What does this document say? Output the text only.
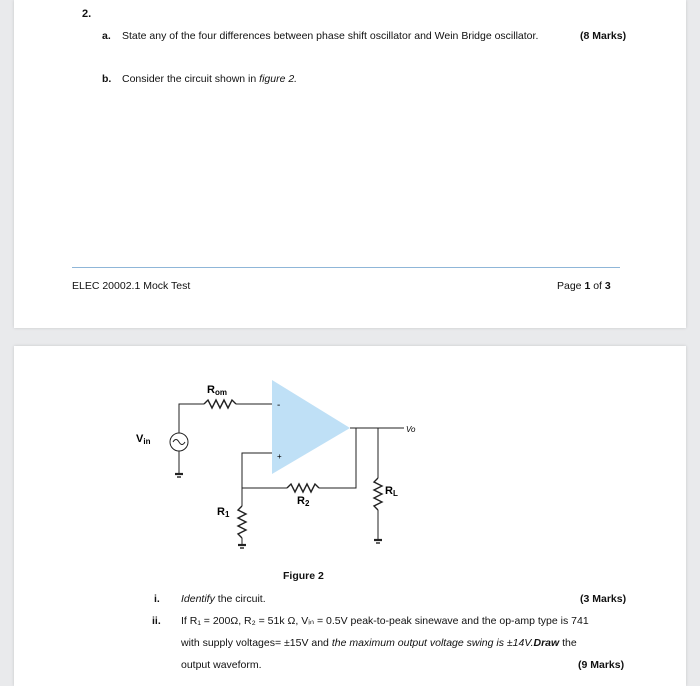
2.
a. State any of the four differences between phase shift oscillator and Wein Bridge oscillator.	(8 Marks)
b. Consider the circuit shown in figure 2.
ELEC 20002.1 Mock Test	Page 1 of 3
Rom
Vin
R1
R2
RL
Vo
-
+
Figure 2
i. Identify the circuit.	(3 Marks)
ii. If R₁ = 200Ω, R₂ = 51k Ω, Vᵢₙ = 0.5V peak-to-peak sinewave and the op-amp type is 741
with supply voltages= ±15V and the maximum output voltage swing is ±14V.Draw the
output waveform.	(9 Marks)
